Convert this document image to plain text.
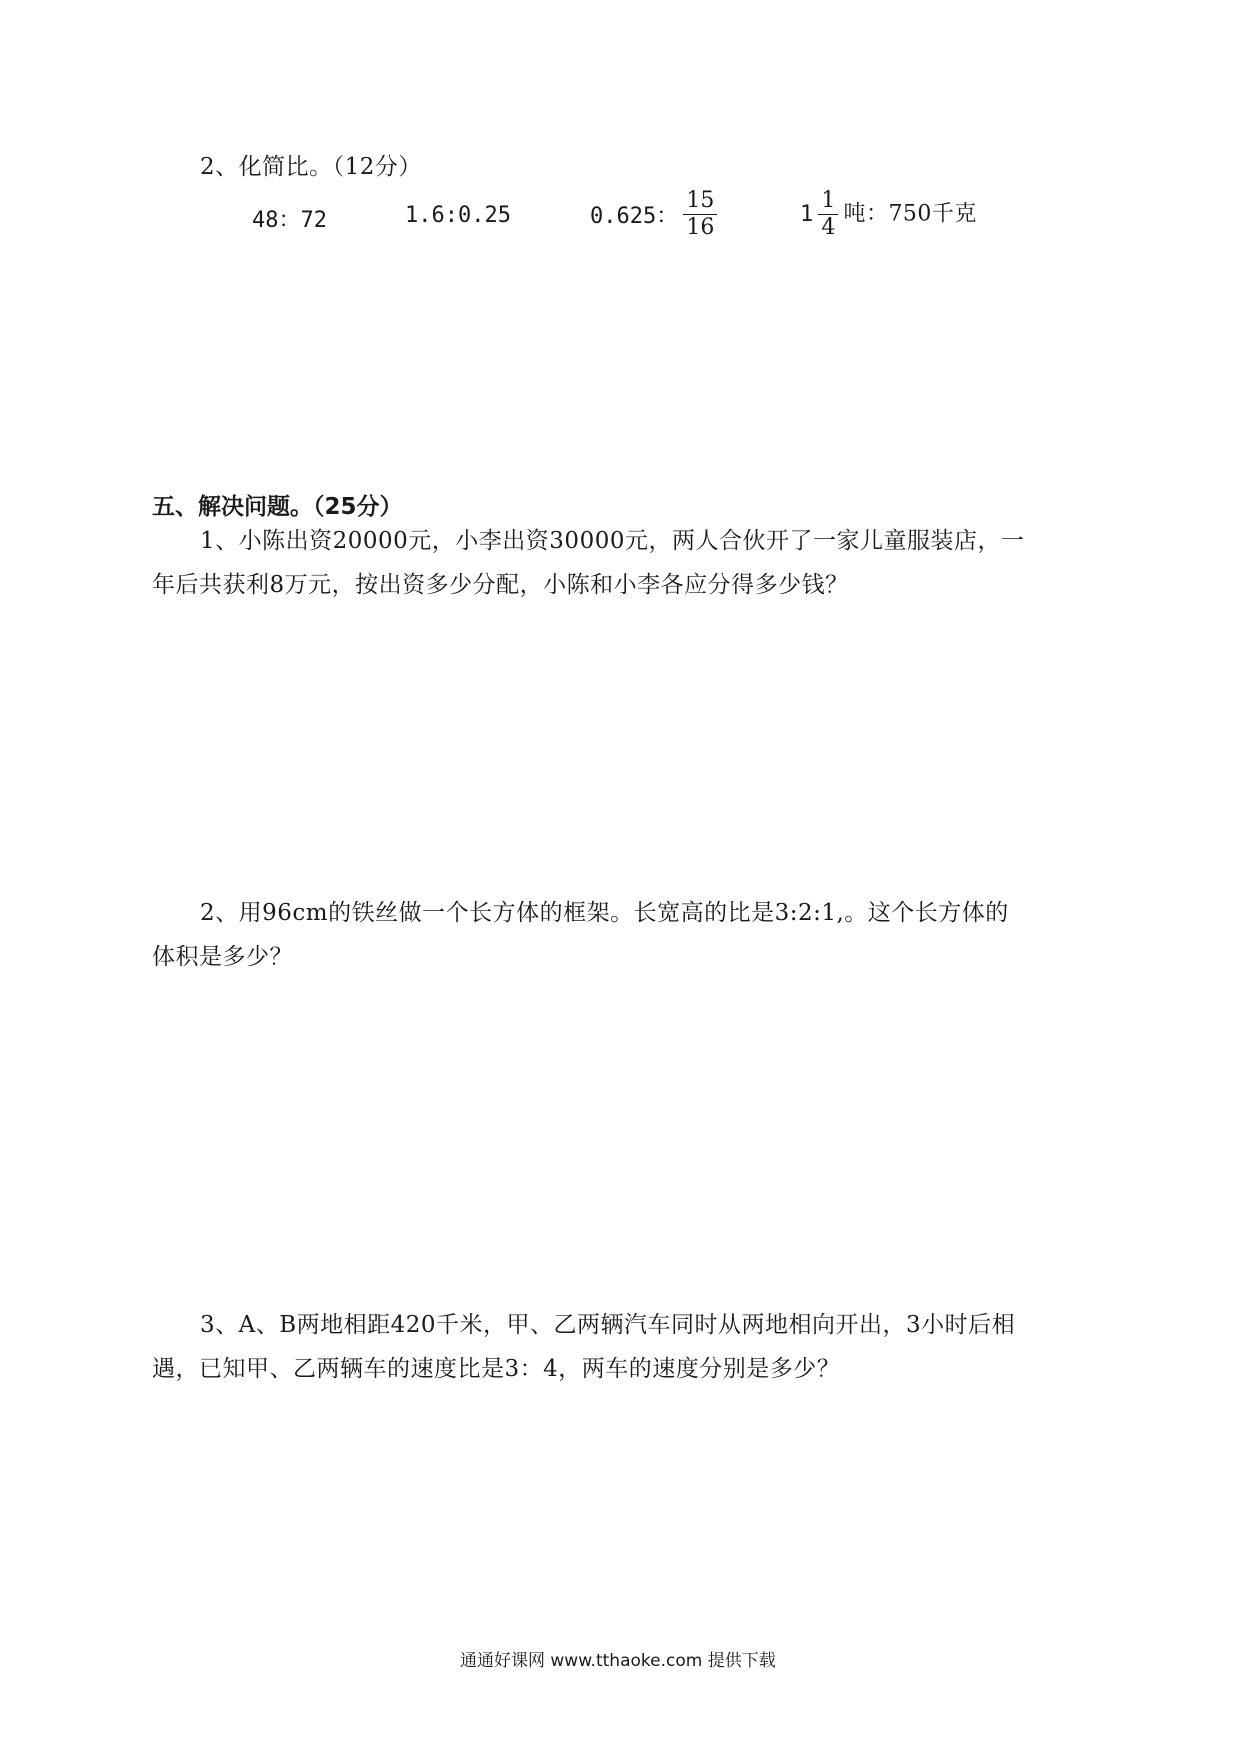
2、化简比。（12分）
48：72	1.6:0.25	0.625： $\frac{15}{16}$	$1 \frac{1}{4}$ 吨：750千克
五、解决问题。（25分）
1、小陈出资20000元，小李出资30000元，两人合伙开了一家儿童服装店，一
年后共获利8万元，按出资多少分配，小陈和小李各应分得多少钱？
2、用96cm的铁丝做一个长方体的框架。长宽高的比是3:2:1,。这个长方体的
体积是多少？
3、A、B两地相距420千米，甲、乙两辆汽车同时从两地相向开出，3小时后相
遇，已知甲、乙两辆车的速度比是3：4，两车的速度分别是多少？
通通好课网 www.tthaoke.com 提供下载
